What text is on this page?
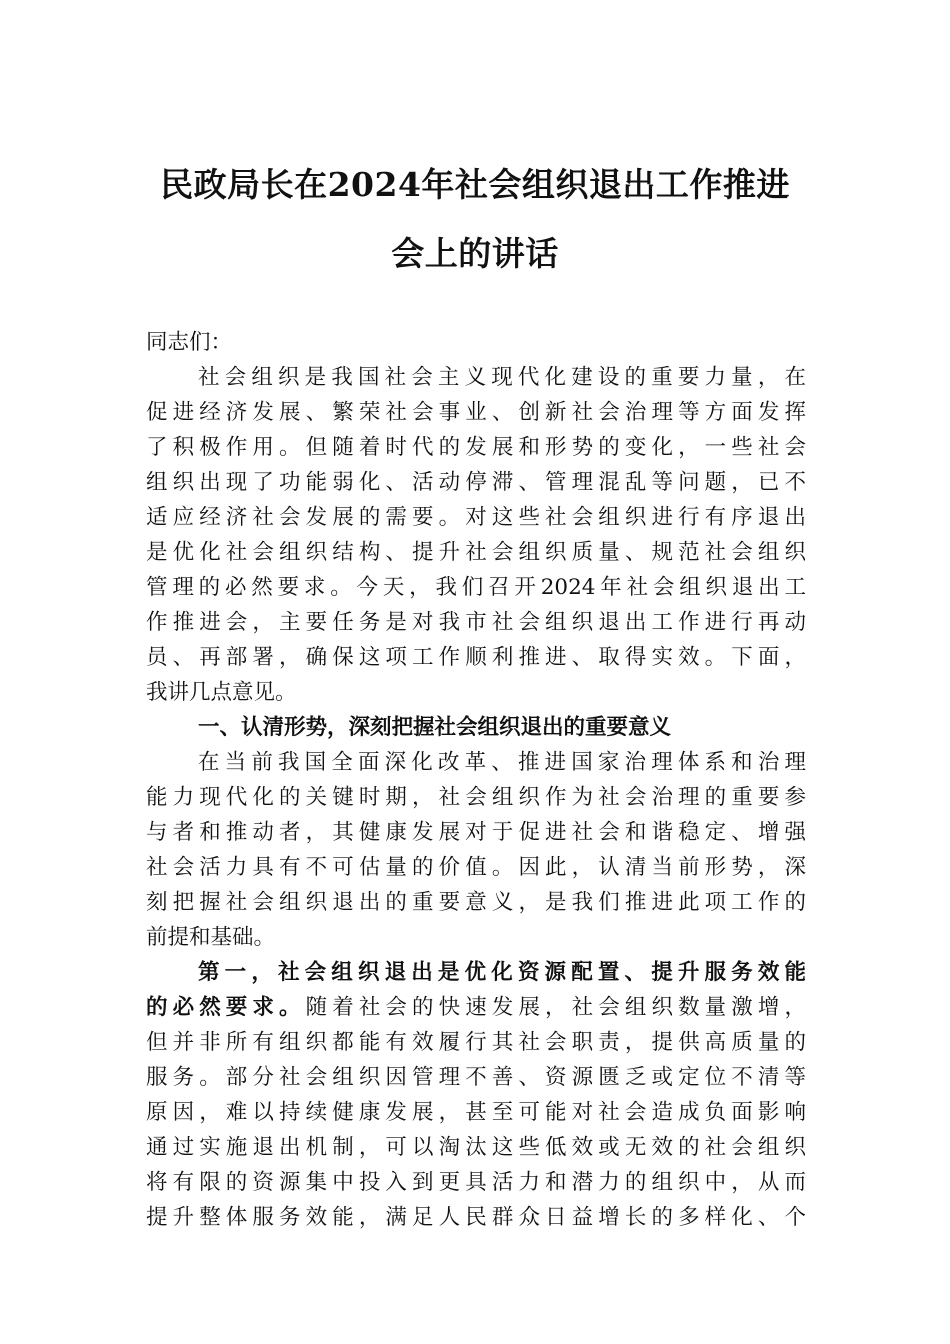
民政局长在2024年社会组织退出工作推进
会上的讲话
同志们：
社会组织是我国社会主义现代化建设的重要力量，在
促进经济发展、繁荣社会事业、创新社会治理等方面发挥
了积极作用。但随着时代的发展和形势的变化，一些社会
组织出现了功能弱化、活动停滞、管理混乱等问题，已不
适应经济社会发展的需要。对这些社会组织进行有序退出
是优化社会组织结构、提升社会组织质量、规范社会组织
管理的必然要求。今天，我们召开2024年社会组织退出工
作推进会，主要任务是对我市社会组织退出工作进行再动
员、再部署，确保这项工作顺利推进、取得实效。下面，
我讲几点意见。
一、认清形势，深刻把握社会组织退出的重要意义
在当前我国全面深化改革、推进国家治理体系和治理
能力现代化的关键时期，社会组织作为社会治理的重要参
与者和推动者，其健康发展对于促进社会和谐稳定、增强
社会活力具有不可估量的价值。因此，认清当前形势，深
刻把握社会组织退出的重要意义，是我们推进此项工作的
前提和基础。
第一，社会组织退出是优化资源配置、提升服务效能
的必然要求。随着社会的快速发展，社会组织数量激增，
但并非所有组织都能有效履行其社会职责，提供高质量的
服务。部分社会组织因管理不善、资源匮乏或定位不清等
原因，难以持续健康发展，甚至可能对社会造成负面影响
通过实施退出机制，可以淘汰这些低效或无效的社会组织
将有限的资源集中投入到更具活力和潜力的组织中，从而
提升整体服务效能，满足人民群众日益增长的多样化、个
